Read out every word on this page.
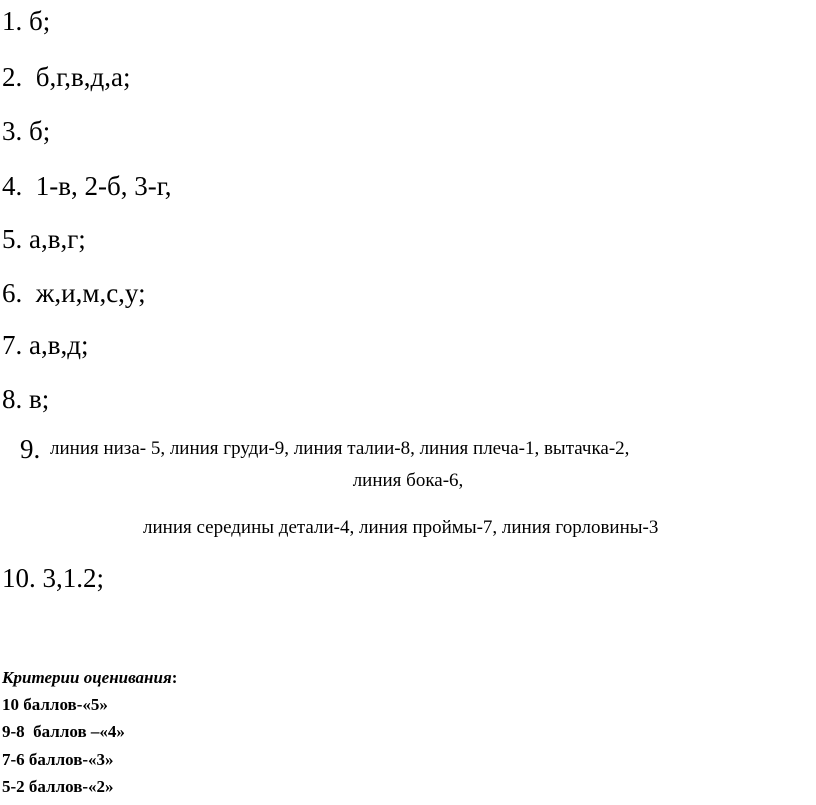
1. б;
2.  б,г,в,д,а;
3. б;
4.  1-в, 2-б, 3-г,
5. а,в,г;
6.  ж,и,м,с,у;
7. а,в,д;
8. в;
9. линия низа- 5, линия груди-9, линия талии-8, линия плеча-1, вытачка-2,
линия бока-6,
линия середины детали-4, линия проймы-7, линия горловины-3
10. 3,1.2;
Критерии оценивания:
10 баллов-«5»
9-8  баллов –«4»
7-6 баллов-«3»
5-2 баллов-«2»
